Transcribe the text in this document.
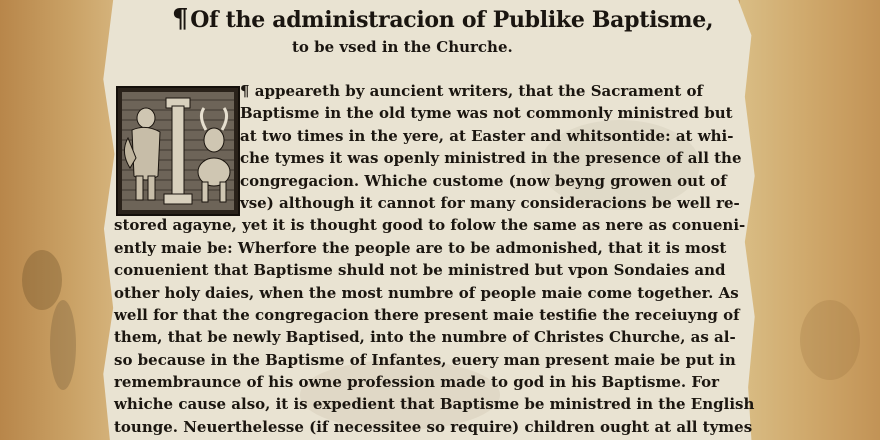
¶Of the administracion of Publike Baptisme,
to be vsed in the Churche.
¶ appeareth by auncient writers, that the Sacrament of
Baptisme in the old tyme was not commonly ministred but
at two times in the yere, at Easter and whitsontide: at whi-
che tymes it was openly ministred in the presence of all the
congregacion. Whiche custome (now beyng growen out of
vse) although it cannot for many consideracions be well re-
stored agayne, yet it is thought good to folow the same as nere as conueni-
ently maie be: Wherfore the people are to be admonished, that it is most
conuenient that Baptisme shuld not be ministred but vpon Sondaies and
other holy daies, when the most numbre of people maie come together. As
well for that the congregacion there present maie testifie the receiuyng of
them, that be newly Baptised, into the numbre of Christes Churche, as al-
so because in the Baptisme of Infantes, euery man present maie be put in
remembraunce of his owne profession made to god in his Baptisme. For
whiche cause also, it is expedient that Baptisme be ministred in the English
tounge. Neuerthelesse (if necessitee so require) children ought at all tymes
